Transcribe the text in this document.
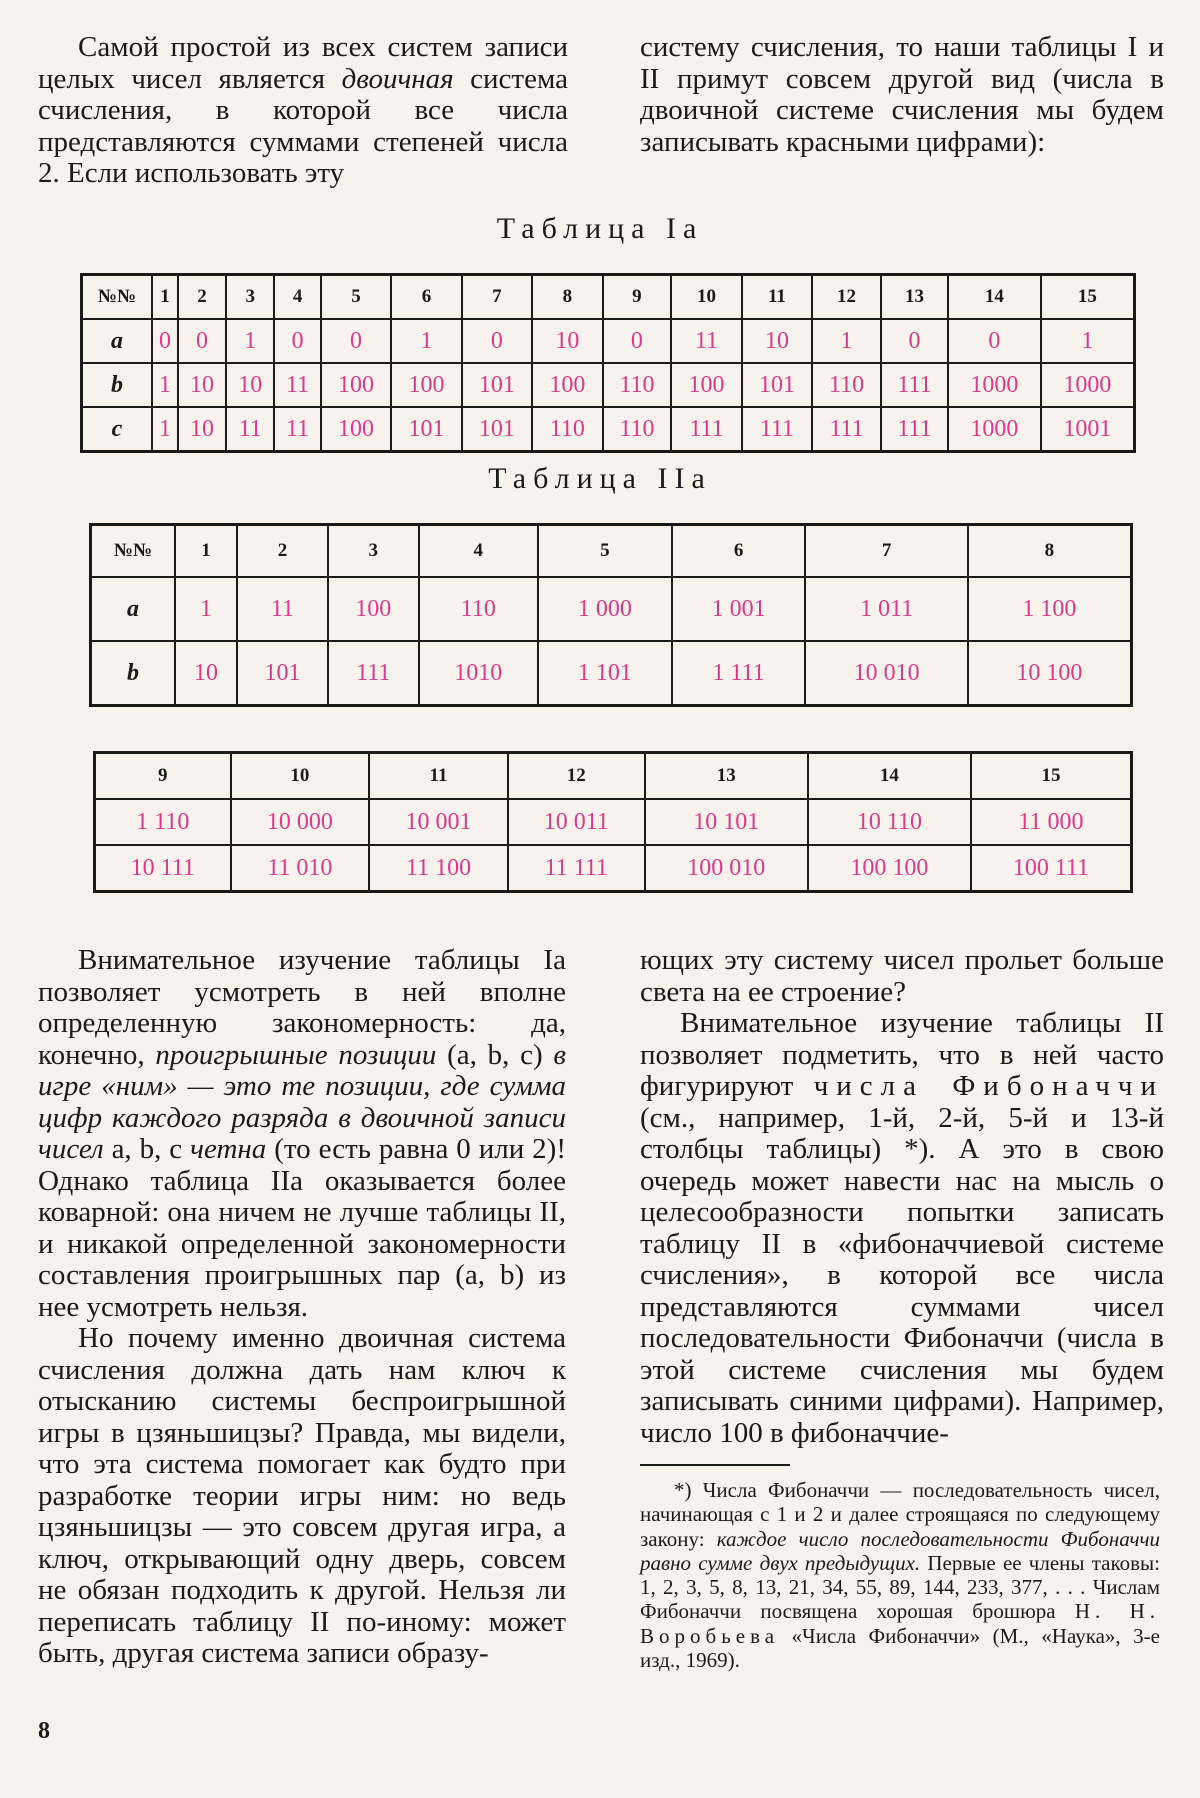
Самой простой из всех систем записи целых чисел является двоичная система счисления, в которой все числа представляются суммами степеней числа 2. Если использовать эту

систему счисления, то наши таблицы I и II примут совсем другой вид (числа в двоичной системе счисления мы будем записывать красными цифрами):

Таблица Ia
№№	1	2	3	4	5	6	7	8	9	10	11	12	13	14	15
a	0	0	1	0	0	1	0	10	0	11	10	1	0	0	1
b	1	10	10	11	100	100	101	100	110	100	101	110	111	1000	1000
c	1	10	11	11	100	101	101	110	110	111	111	111	111	1000	1001
Таблица IIa
№№	1	2	3	4	5	6	7	8
a	1	11	100	110	1 000	1 001	1 011	1 100
b	10	101	111	1010	1 101	1 111	10 010	10 100
9	10	11	12	13	14	15
1 110	10 000	10 001	10 011	10 101	10 110	11 000
10 111	11 010	11 100	11 111	100 010	100 100	100 111

Внимательное изучение таблицы Ia позволяет усмотреть в ней вполне определенную закономерность: да, конечно, проигрышные позиции (a, b, c) в игре «ним» — это те позиции, где сумма цифр каждого разряда в двоичной записи чисел a, b, c четна (то есть равна 0 или 2)! Однако таблица IIa оказывается более коварной: она ничем не лучше таблицы II, и никакой определенной закономерности составления проигрышных пар (a, b) из нее усмотреть нельзя.

Но почему именно двоичная система счисления должна дать нам ключ к отысканию системы беспроигрышной игры в цзяньшицзы? Правда, мы видели, что эта система помогает как будто при разработке теории игры ним: но ведь цзяньшицзы — это совсем другая игра, а ключ, открывающий одну дверь, совсем не обязан подходить к другой. Нельзя ли переписать таблицу II по-иному: может быть, другая система записи образу-

ющих эту систему чисел прольет больше света на ее строение?

Внимательное изучение таблицы II позволяет подметить, что в ней часто фигурируют числа Фибоначчи (см., например, 1-й, 2-й, 5-й и 13-й столбцы таблицы) *). А это в свою очередь может навести нас на мысль о целесообразности попытки записать таблицу II в «фибоначчиевой системе счисления», в которой все числа представляются суммами чисел последовательности Фибоначчи (числа в этой системе счисления мы будем записывать синими цифрами). Например, число 100 в фибоначчие-

*) Числа Фибоначчи — последовательность чисел, начинающая с 1 и 2 и далее строящаяся по следующему закону: каждое число последовательности Фибоначчи равно сумме двух предыдущих. Первые ее члены таковы: 1, 2, 3, 5, 8, 13, 21, 34, 55, 89, 144, 233, 377, . . . Числам Фибоначчи посвящена хорошая брошюра Н. Н. Воробьева «Числа Фибоначчи» (М., «Наука», 3-е изд., 1969).

8
